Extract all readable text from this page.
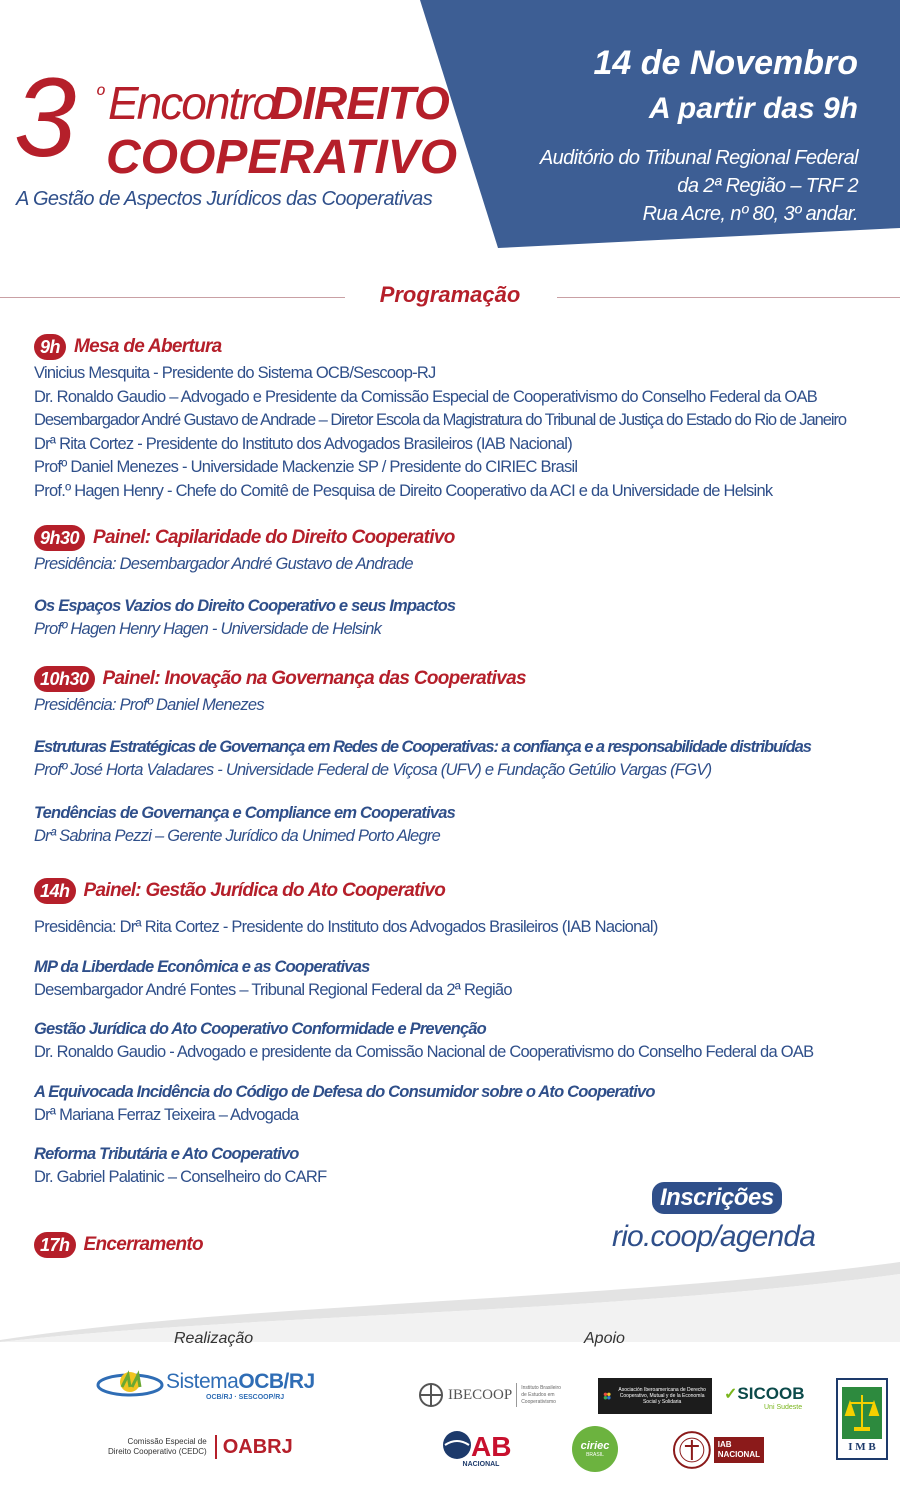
3 º Encontro
DIREITO
COOPERATIVO
A Gestão de Aspectos Jurídicos das Cooperativas
14 de Novembro
A partir das 9h
Auditório do Tribunal Regional Federal
da 2ª Região – TRF 2
Rua Acre, nº 80, 3º andar.
Programação
9h Mesa de Abertura
Vinicius Mesquita - Presidente do Sistema OCB/Sescoop-RJ
Dr. Ronaldo Gaudio – Advogado e Presidente da Comissão Especial de Cooperativismo do Conselho Federal da OAB
Desembargador André Gustavo de Andrade – Diretor Escola da Magistratura do Tribunal de Justiça do Estado do Rio de Janeiro
Drª Rita Cortez - Presidente do Instituto dos Advogados Brasileiros (IAB Nacional)
Profº Daniel Menezes - Universidade Mackenzie SP / Presidente do CIRIEC Brasil
Prof.º Hagen Henry - Chefe do Comitê de Pesquisa de Direito Cooperativo da ACI e da Universidade de Helsink
9h30 Painel: Capilaridade do Direito Cooperativo
Presidência: Desembargador André Gustavo de Andrade
Os Espaços Vazios do Direito Cooperativo e seus Impactos
Profº Hagen Henry Hagen - Universidade de Helsink
10h30 Painel: Inovação na Governança das Cooperativas
Presidência: Profº Daniel Menezes
Estruturas Estratégicas de Governança em Redes de Cooperativas: a confiança e a responsabilidade distribuídas
Profº José Horta Valadares - Universidade Federal de Viçosa (UFV) e Fundação Getúlio Vargas (FGV)
Tendências de Governança e Compliance em Cooperativas
Drª Sabrina Pezzi – Gerente Jurídico da Unimed Porto Alegre
14h Painel: Gestão Jurídica do Ato Cooperativo
Presidência: Drª Rita Cortez - Presidente do Instituto dos Advogados Brasileiros (IAB Nacional)
MP da Liberdade Econômica e as Cooperativas
Desembargador André Fontes – Tribunal Regional Federal da 2ª Região
Gestão Jurídica do Ato Cooperativo Conformidade e Prevenção
Dr. Ronaldo Gaudio - Advogado e presidente da Comissão Nacional de Cooperativismo do Conselho Federal da OAB
A Equivocada Incidência do Código de Defesa do Consumidor sobre o Ato Cooperativo
Drª Mariana Ferraz Teixeira – Advogada
Reforma Tributária e Ato Cooperativo
Dr. Gabriel Palatinic – Conselheiro do CARF
17h Encerramento
Inscrições
rio.coop/agenda
Realização	Apoio
SistemaOCB/RJ
OCB/RJ · SESCOOP/RJ
Comissão Especial de
Direito Cooperativo (CEDC) OABRJ
IBECOOP Instituto Brasileiro de Estudos em Cooperativismo
Asociación Iberoamericana de Derecho Cooperativo, Mutual y de la Economía Social y Solidaria	✓ SICOOB
Uni Sudeste
I M B
AB
NACIONAL
ciriec
BRASIL
IAB
NACIONAL
